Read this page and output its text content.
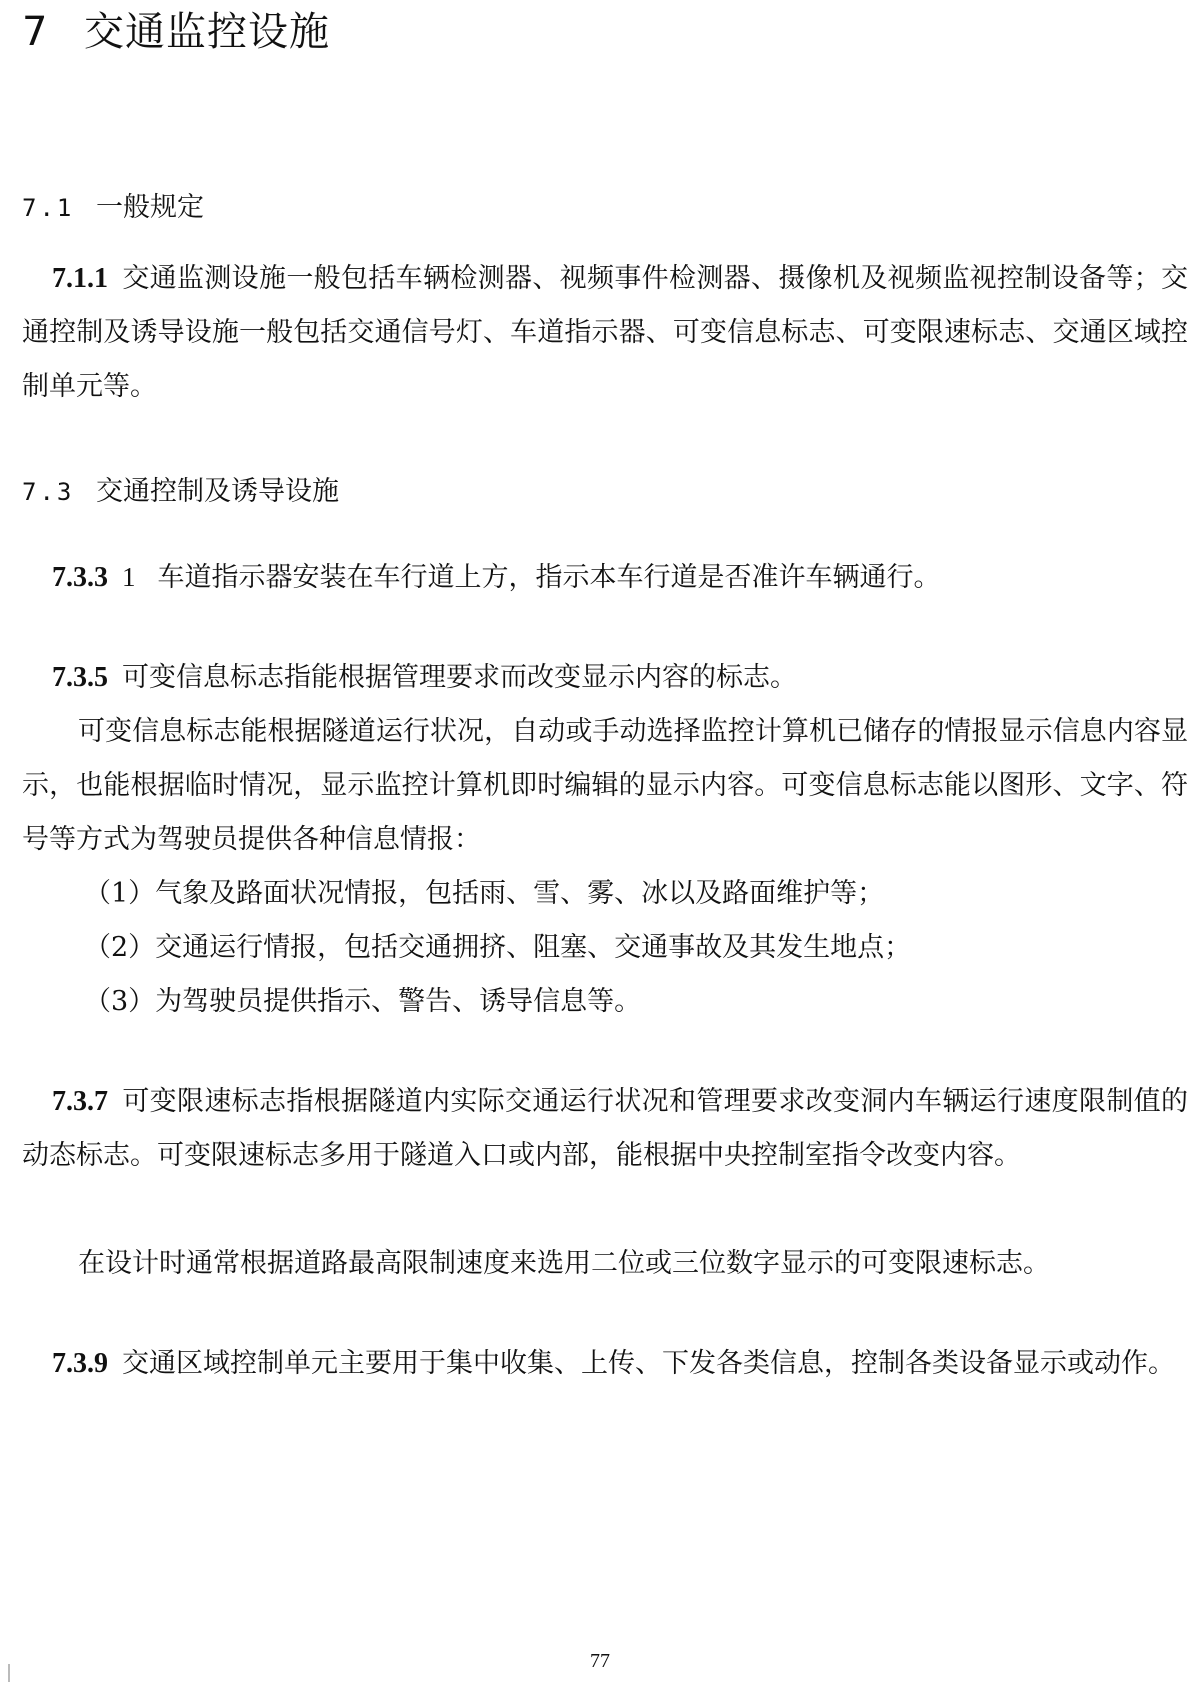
7 交通监控设施
7.1 一般规定
7.1.1 交通监测设施一般包括车辆检测器、视频事件检测器、摄像机及视频监视控制设备等；交通控制及诱导设施一般包括交通信号灯、车道指示器、可变信息标志、可变限速标志、交通区域控制单元等。
7.3 交通控制及诱导设施
7.3.3 1 车道指示器安装在车行道上方，指示本车行道是否准许车辆通行。
7.3.5 可变信息标志指能根据管理要求而改变显示内容的标志。
可变信息标志能根据隧道运行状况，自动或手动选择监控计算机已储存的情报显示信息内容显示，也能根据临时情况，显示监控计算机即时编辑的显示内容。可变信息标志能以图形、文字、符号等方式为驾驶员提供各种信息情报：
（1）气象及路面状况情报，包括雨、雪、雾、冰以及路面维护等；
（2）交通运行情报，包括交通拥挤、阻塞、交通事故及其发生地点；
（3）为驾驶员提供指示、警告、诱导信息等。
7.3.7 可变限速标志指根据隧道内实际交通运行状况和管理要求改变洞内车辆运行速度限制值的动态标志。可变限速标志多用于隧道入口或内部，能根据中央控制室指令改变内容。
在设计时通常根据道路最高限制速度来选用二位或三位数字显示的可变限速标志。
7.3.9 交通区域控制单元主要用于集中收集、上传、下发各类信息，控制各类设备显示或动作。
77
